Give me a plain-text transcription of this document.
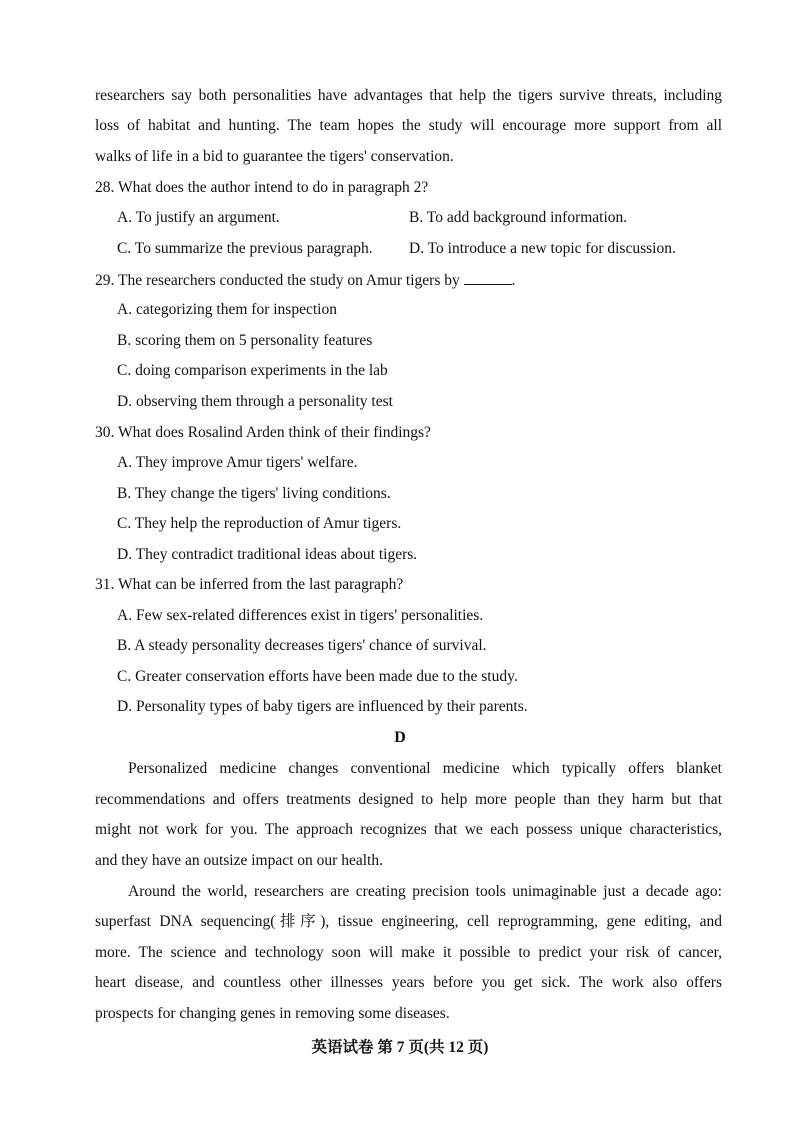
researchers say both personalities have advantages that help the tigers survive threats, including
loss of habitat and hunting. The team hopes the study will encourage more support from all
walks of life in a bid to guarantee the tigers' conservation.
28. What does the author intend to do in paragraph 2?
A. To justify an argument.	B. To add background information.
C. To summarize the previous paragraph. D. To introduce a new topic for discussion.
29. The researchers conducted the study on Amur tigers by	.
A. categorizing them for inspection
B. scoring them on 5 personality features
C. doing comparison experiments in the lab
D. observing them through a personality test
30. What does Rosalind Arden think of their findings?
A. They improve Amur tigers' welfare.
B. They change the tigers' living conditions.
C. They help the reproduction of Amur tigers.
D. They contradict traditional ideas about tigers.
31. What can be inferred from the last paragraph?
A. Few sex-related differences exist in tigers' personalities.
B. A steady personality decreases tigers' chance of survival.
C. Greater conservation efforts have been made due to the study.
D. Personality types of baby tigers are influenced by their parents.
D
Personalized medicine changes conventional medicine which typically offers blanket
recommendations and offers treatments designed to help more people than they harm but that
might not work for you. The approach recognizes that we each possess unique characteristics,
and they have an outsize impact on our health.
Around the world, researchers are creating precision tools unimaginable just a decade ago:
superfast DNA sequencing(排序), tissue engineering, cell reprogramming, gene editing, and
more. The science and technology soon will make it possible to predict your risk of cancer,
heart disease, and countless other illnesses years before you get sick. The work also offers
prospects for changing genes in removing some diseases.
英语试卷 第 7 页(共 12 页)
